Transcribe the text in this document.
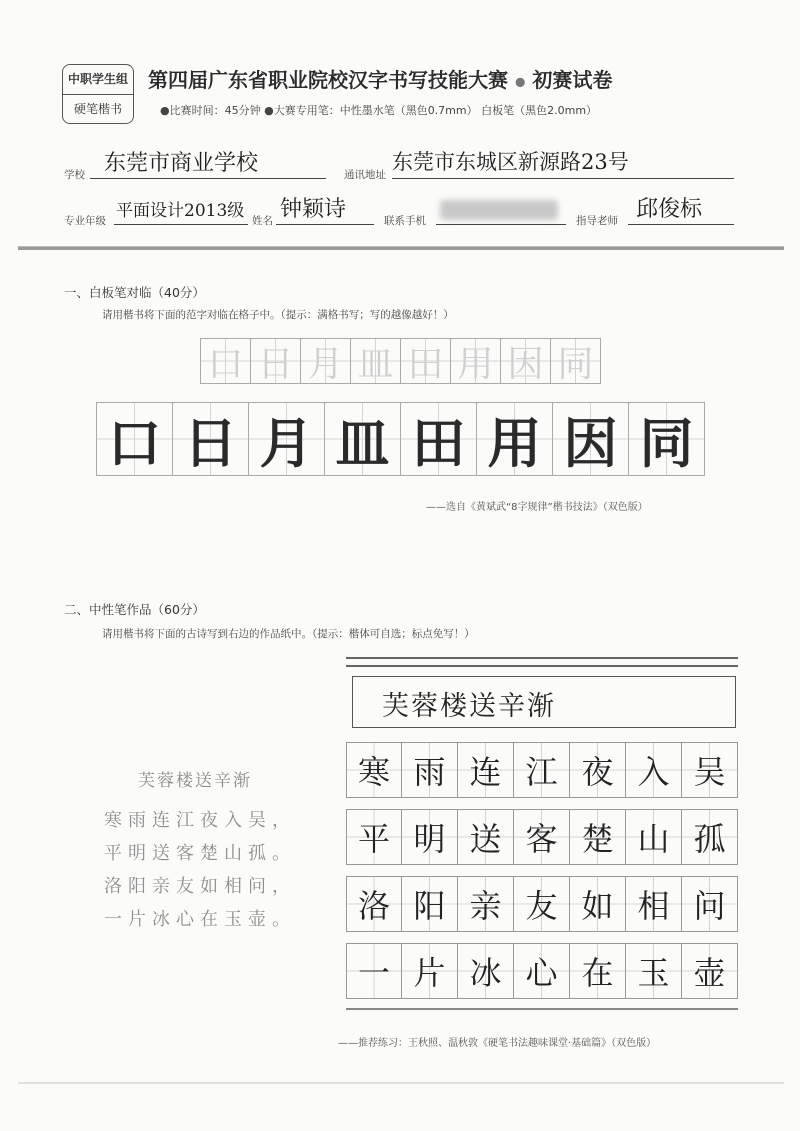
中职学生组
硬笔楷书
第四届广东省职业院校汉字书写技能大赛 ● 初赛试卷
●比赛时间：45分钟 ●大赛专用笔：中性墨水笔（黑色0.7mm） 白板笔（黑色2.0mm）
学校 东莞市商业学校	通讯地址
东莞市东城区新源路23号
专业年级 平面设计2013级 姓名 钟颖诗	联系手机	指导老师 邱俊标
一、白板笔对临（40分）
请用楷书将下面的范字对临在格子中。（提示：满格书写；写的越像越好！）
口 日 月 皿 田 用 因 同
口 日 月 皿 田 用 因 同
——选自《黄斌武“8字规律”楷书技法》（双色版）
二、中性笔作品（60分）
请用楷书将下面的古诗写到右边的作品纸中。（提示：楷体可自选；标点免写！）
芙蓉楼送辛渐
寒雨连江夜入吴，
平明送客楚山孤。
洛阳亲友如相问，
一片冰心在玉壶。
芙蓉楼送辛渐
寒 雨 连 江 夜 入 吴
平 明 送 客 楚 山 孤
洛 阳 亲 友 如 相 问
一 片 冰 心 在 玉 壶
——推荐练习：王秋照、温秋敦《硬笔书法趣味课堂·基础篇》（双色版）
